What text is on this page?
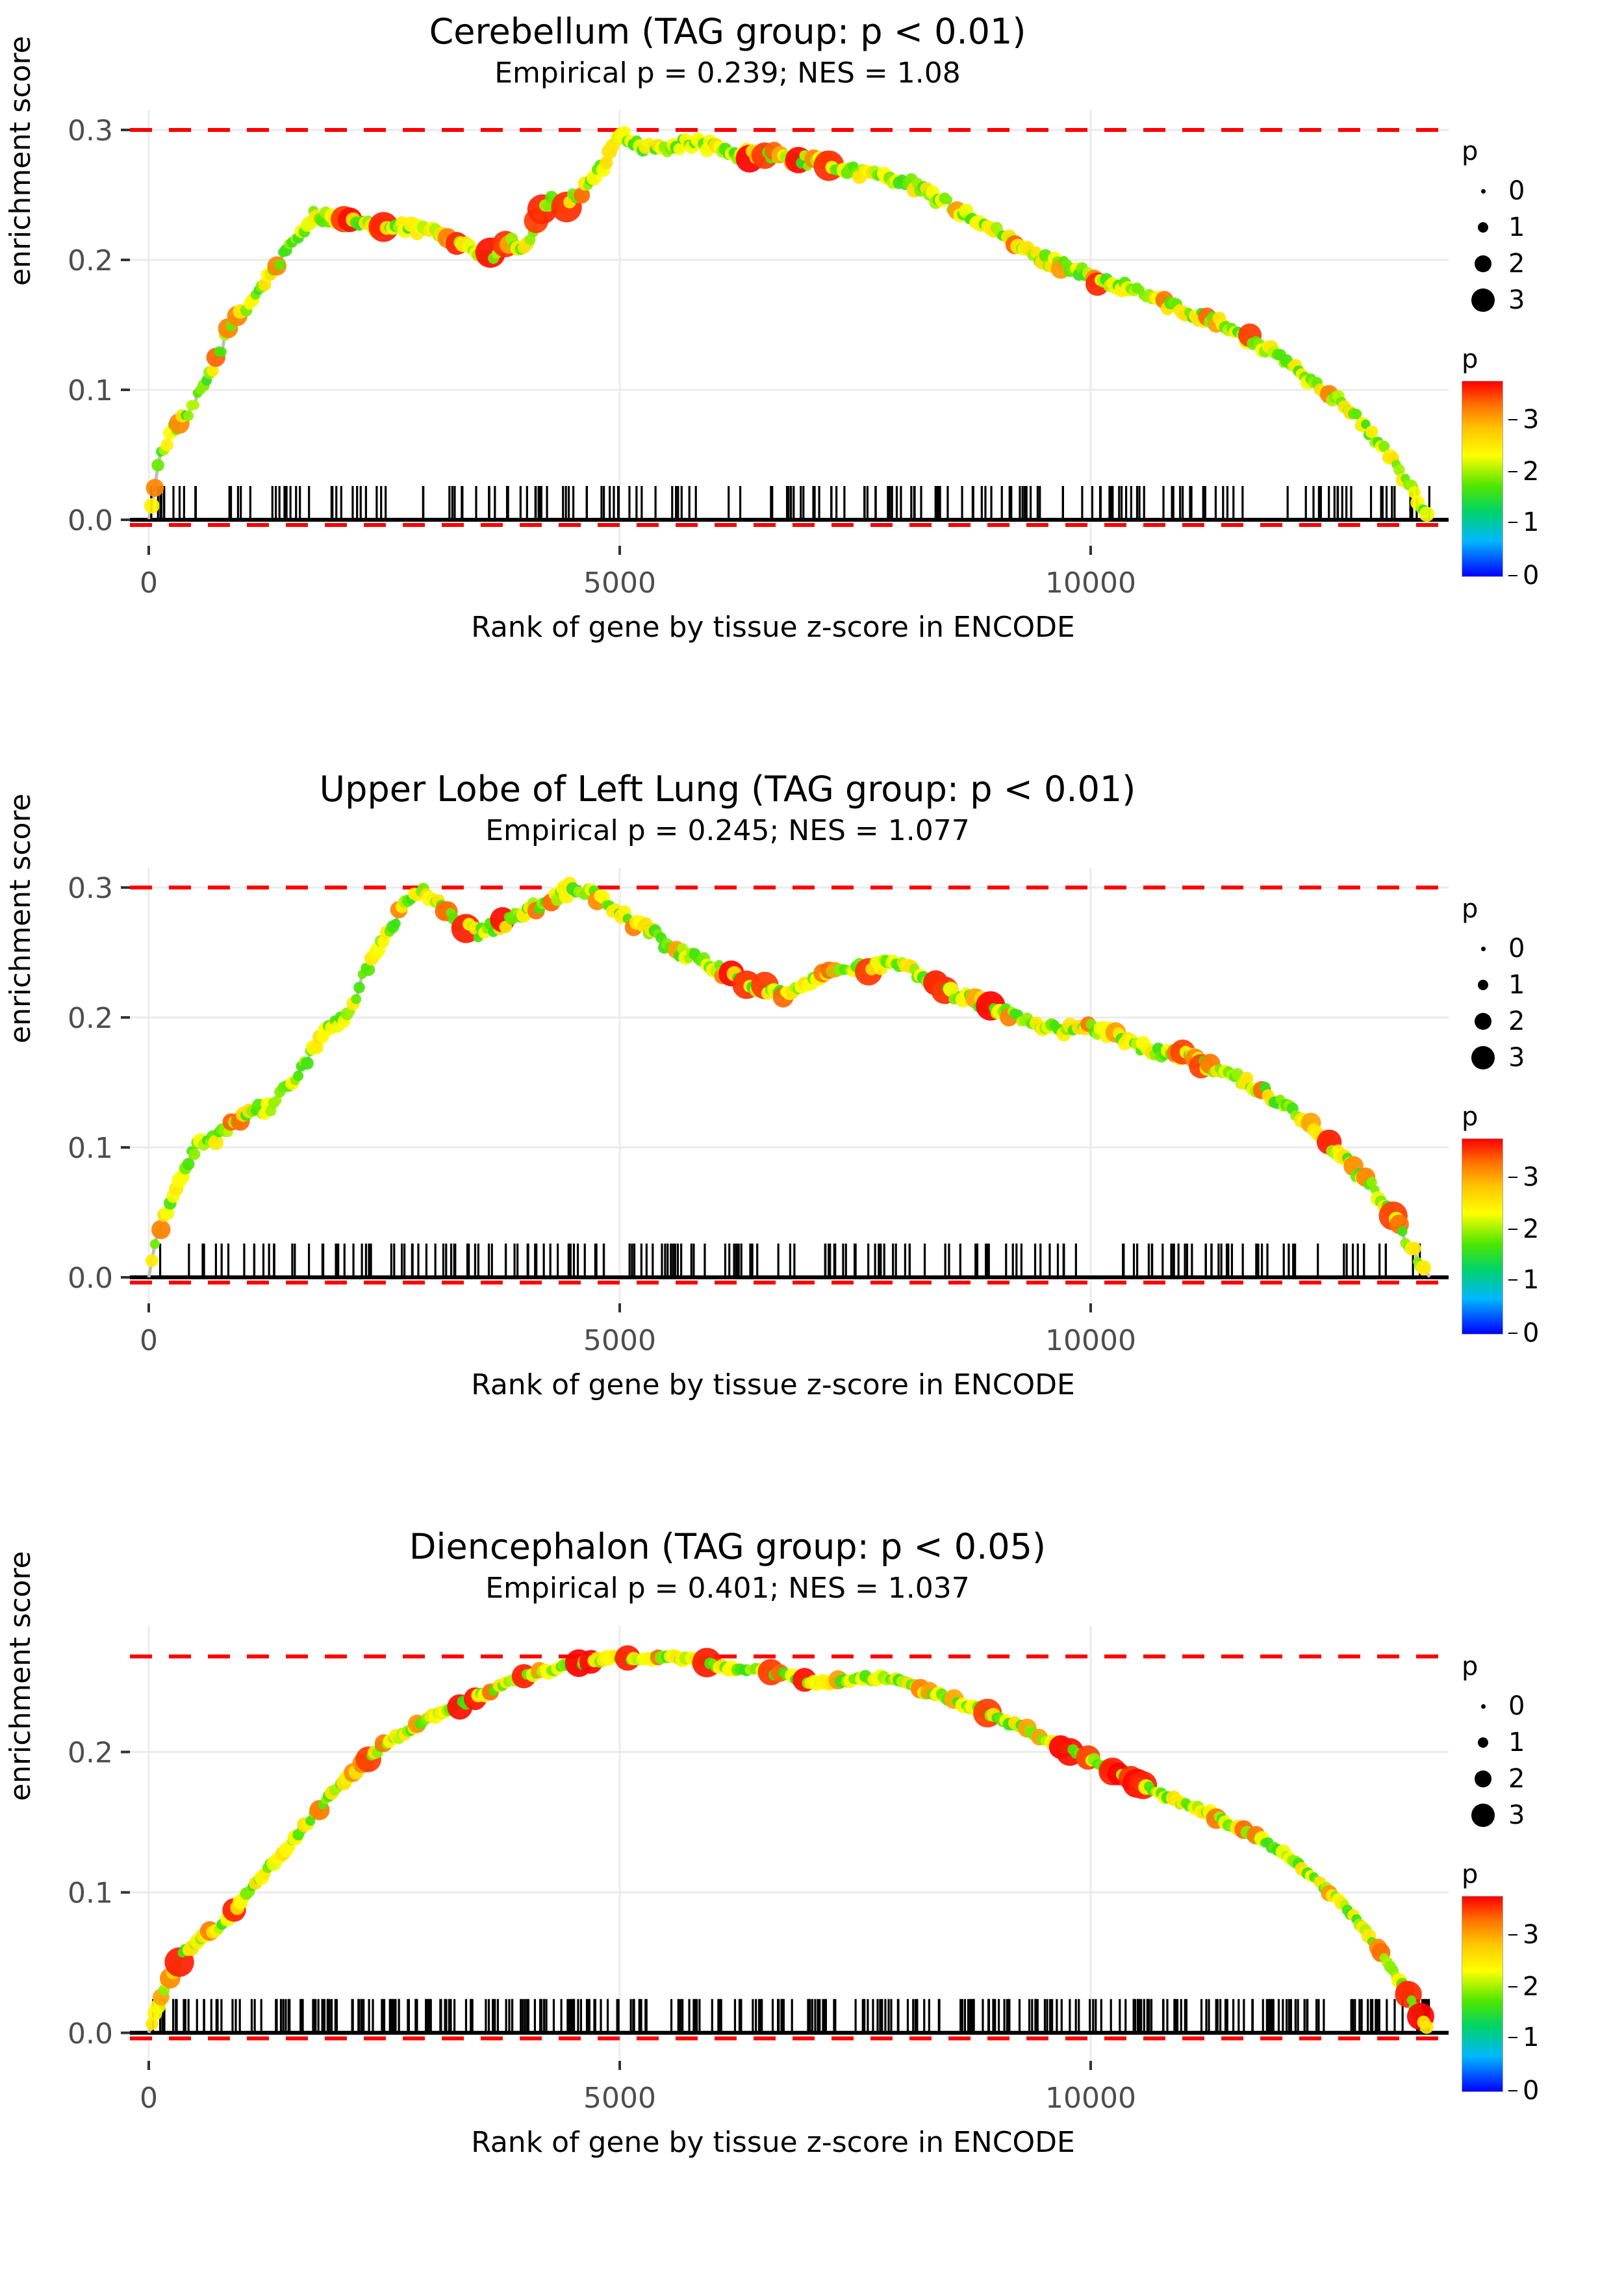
Cerebellum (TAG group: p < 0.01)
Empirical p = 0.239; NES = 1.08
enrichment score
0	5000	10000
0.0
0.1
0.2
0.3
Rank of gene by tissue z-score in ENCODE
p
0
1
2
3
p
0
1
2
3
Upper Lobe of Left Lung (TAG group: p < 0.01)
Empirical p = 0.245; NES = 1.077
enrichment score
0	5000	10000
0.0
0.1
0.2
0.3
Rank of gene by tissue z-score in ENCODE
p
0
1
2
3
p
0
1
2
3
Diencephalon (TAG group: p < 0.05)
Empirical p = 0.401; NES = 1.037
enrichment score
0	5000	10000
0.0
0.1
0.2
Rank of gene by tissue z-score in ENCODE
p
0
1
2
3
p
0
1
2
3
